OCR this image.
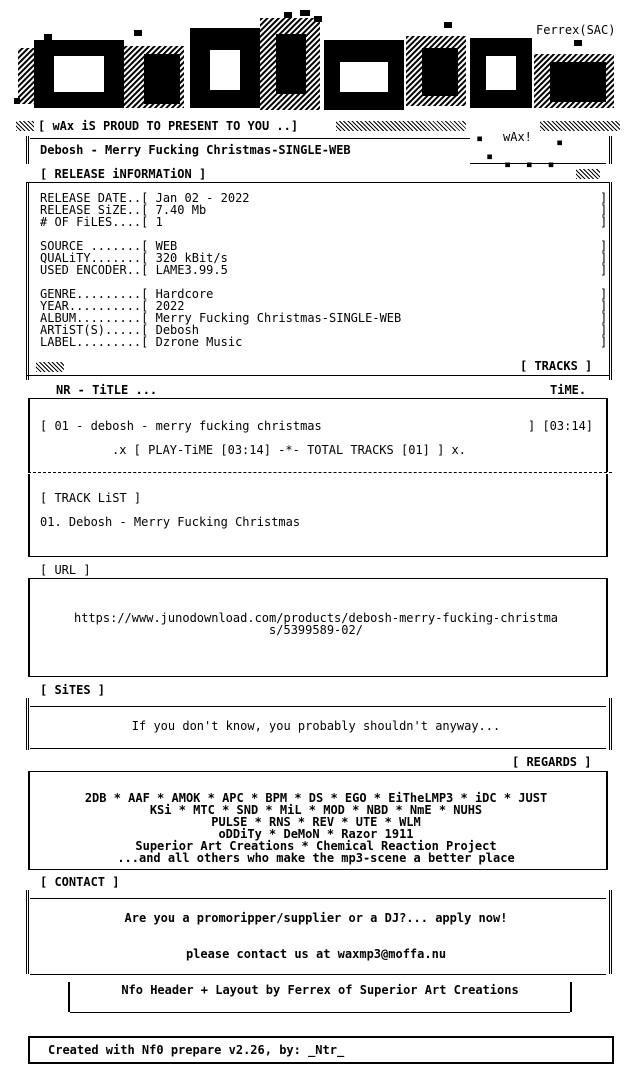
Ferrex(SAC)
[ wAx iS PROUD TO PRESENT TO YOU ..]
wAx!
▪
▪
▪  ▪  ▪
▪
Debosh - Merry Fucking Christmas-SINGLE-WEB
[ RELEASE iNFORMATiON ]
RELEASE DATE..[ Jan 02 - 2022
RELEASE SiZE..[ 7.40 Mb
# OF FiLES....[ 1
SOURCE .......[ WEB
QUALiTY.......[ 320 kBit/s
USED ENCODER..[ LAME3.99.5
GENRE.........[ Hardcore
YEAR..........[ 2022
ALBUM.........[ Merry Fucking Christmas-SINGLE-WEB
ARTiST(S).....[ Debosh
LABEL.........[ Dzrone Music
]
]
]
]
]
]
]
]
]
]
]
[ TRACKS ]
NR - TiTLE ...	TiME.
[ 01 - debosh - merry fucking christmas	] [03:14]
.x [ PLAY-TiME [03:14] -*- TOTAL TRACKS [01] ] x.
[ TRACK LiST ]
01. Debosh - Merry Fucking Christmas
[ URL ]
https://www.junodownload.com/products/debosh-merry-fucking-christma
s/5399589-02/
[ SiTES ]
If you don't know, you probably shouldn't anyway...
[ REGARDS ]
2DB * AAF * AMOK * APC * BPM * DS * EGO * EiTheLMP3 * iDC * JUST
KSi * MTC * SND * MiL * MOD * NBD * NmE * NUHS
PULSE * RNS * REV * UTE * WLM
oDDiTy * DeMoN * Razor 1911
Superior Art Creations * Chemical Reaction Project
...and all others who make the mp3-scene a better place
[ CONTACT ]
Are you a promoripper/supplier or a DJ?... apply now!
please contact us at waxmp3@moffa.nu
Nfo Header + Layout by Ferrex of Superior Art Creations
Created with Nf0 prepare v2.26, by: _Ntr_
